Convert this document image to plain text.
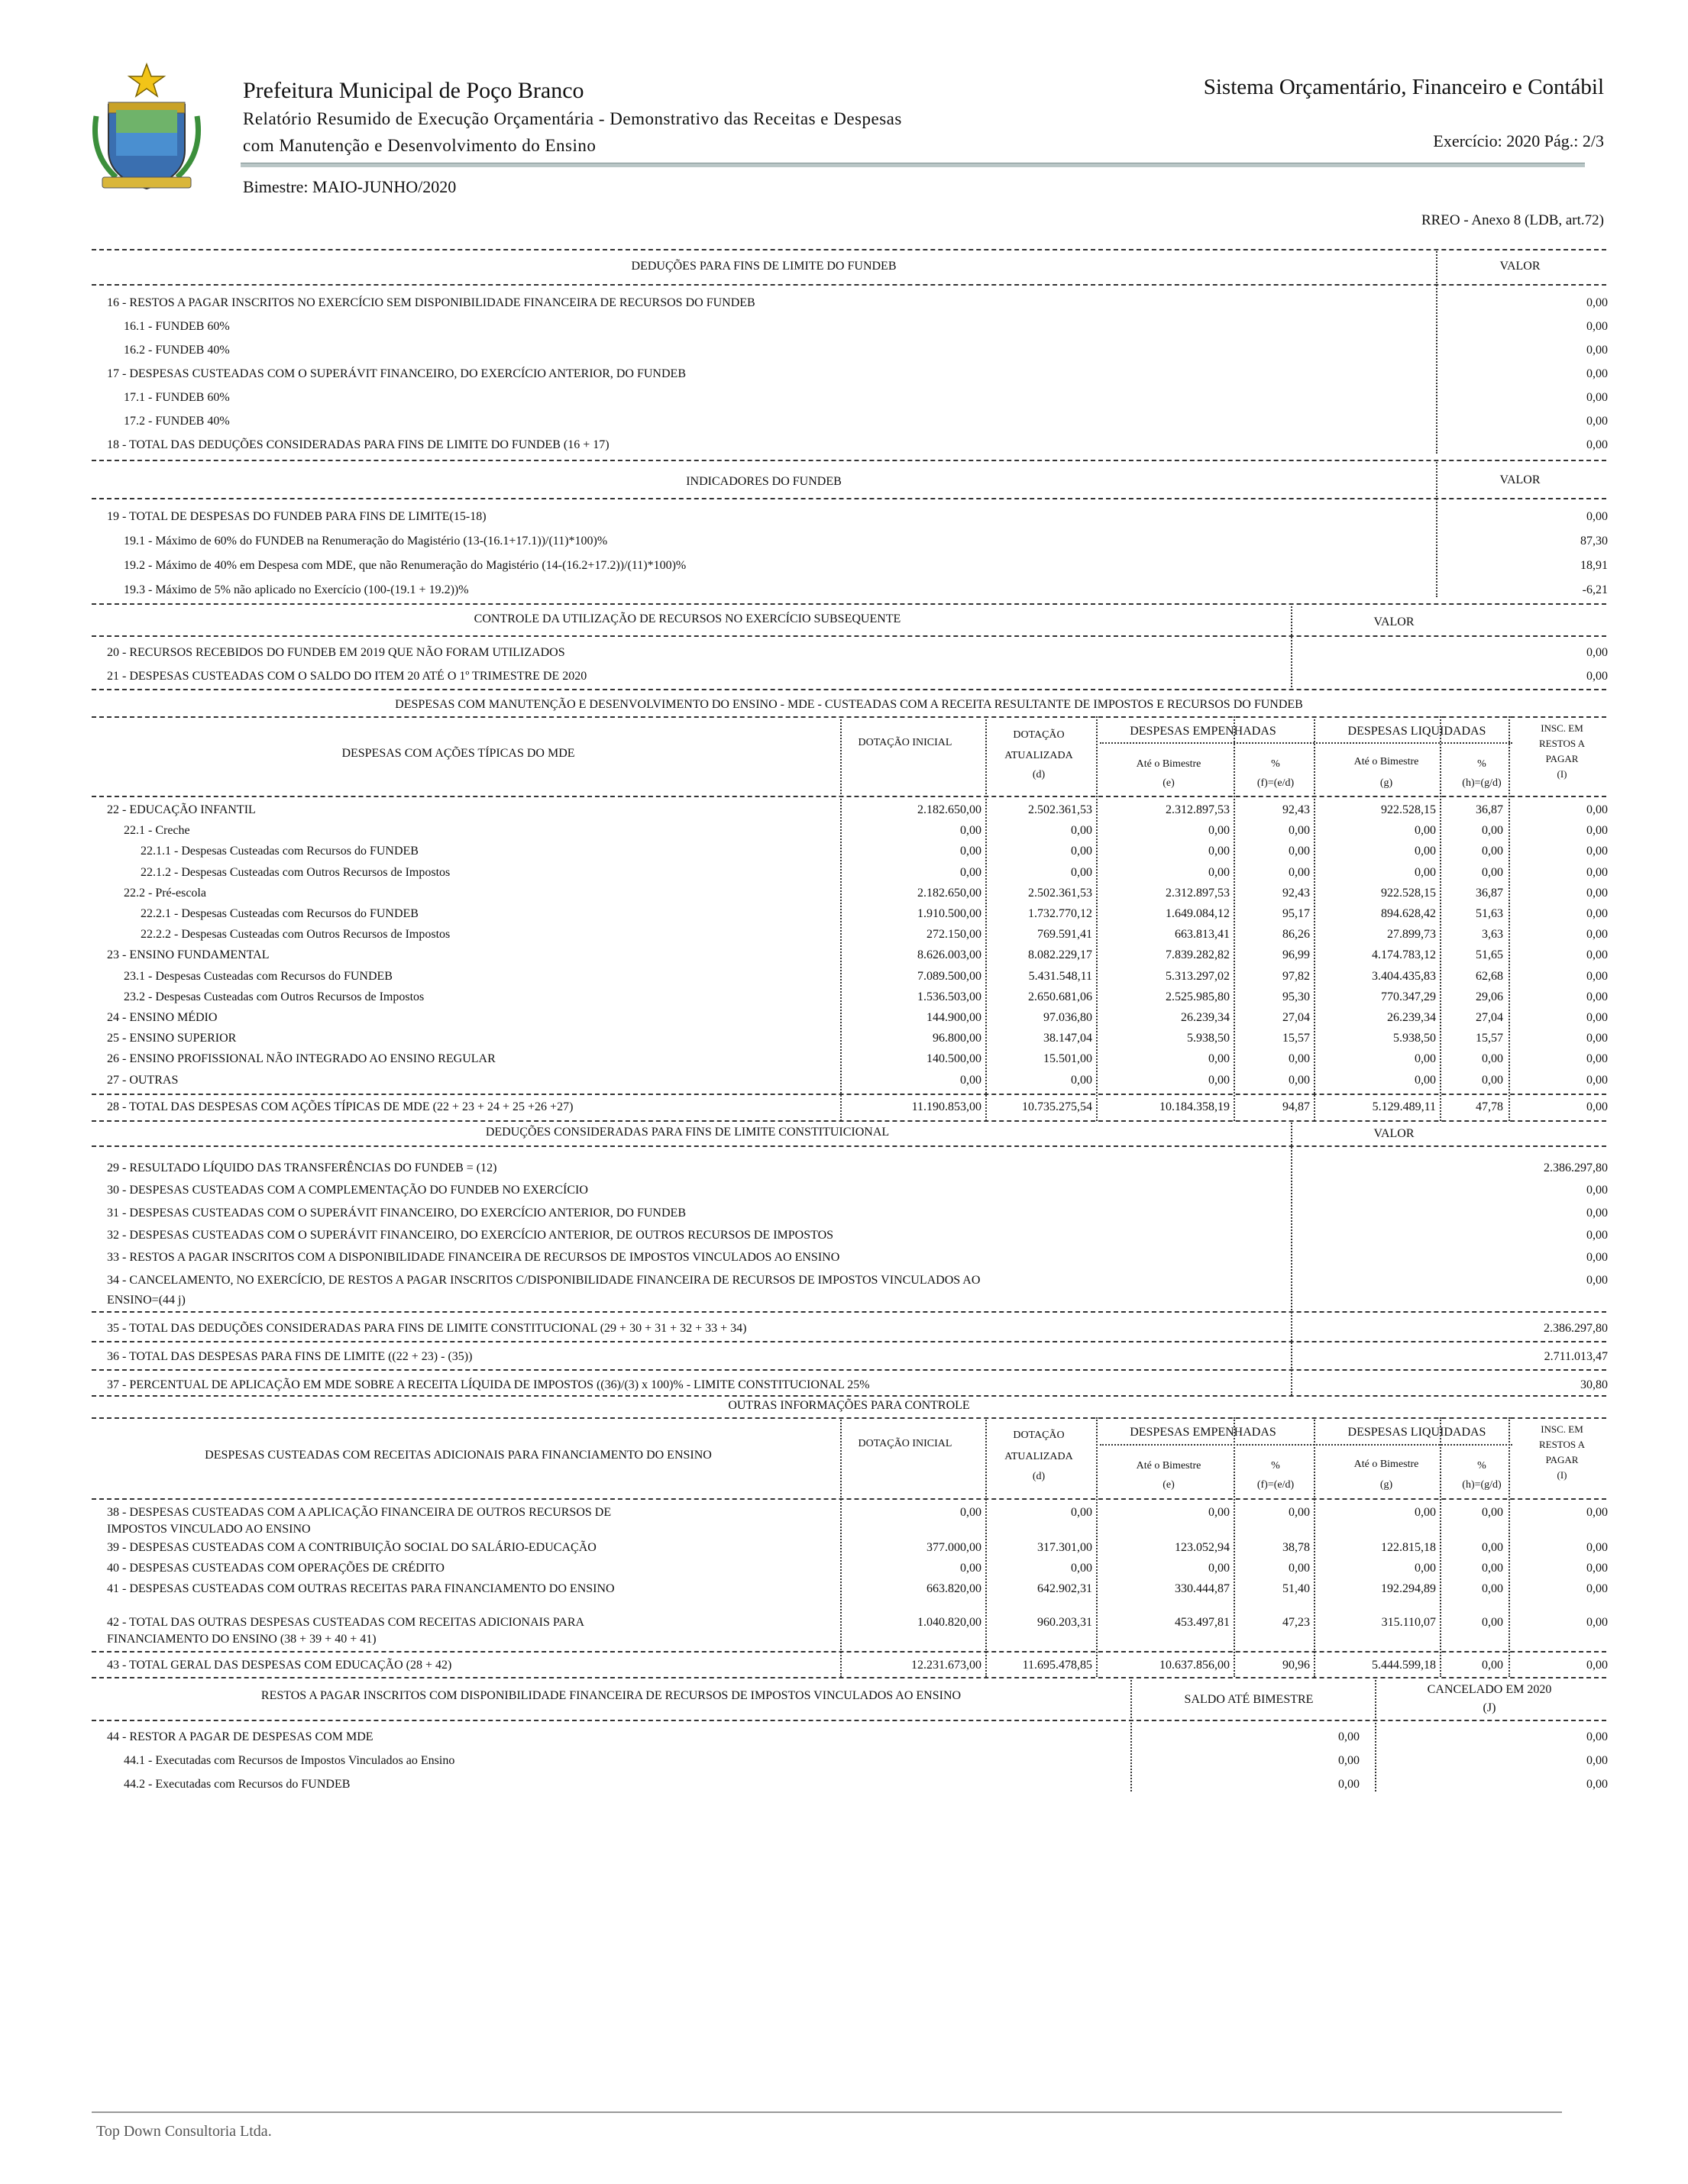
Prefeitura Municipal de Poço Branco	Sistema Orçamentário, Financeiro e Contábil
Relatório Resumido de Execução Orçamentária - Demonstrativo das Receitas e Despesas
com Manutenção e Desenvolvimento do Ensino	Exercício: 2020 Pág.: 2/3
Bimestre: MAIO-JUNHO/2020
RREO - Anexo 8 (LDB, art.72)
DEDUÇÕES PARA FINS DE LIMITE DO FUNDEB	VALOR
16 - RESTOS A PAGAR INSCRITOS NO EXERCÍCIO SEM DISPONIBILIDADE FINANCEIRA DE RECURSOS DO FUNDEB	0,00
16.1 - FUNDEB 60%	0,00
16.2 - FUNDEB 40%	0,00
17 - DESPESAS CUSTEADAS COM O SUPERÁVIT FINANCEIRO, DO EXERCÍCIO ANTERIOR, DO FUNDEB	0,00
17.1 - FUNDEB 60%	0,00
17.2 - FUNDEB 40%	0,00
18 - TOTAL DAS DEDUÇÕES CONSIDERADAS PARA FINS DE LIMITE DO FUNDEB (16 + 17)	0,00
INDICADORES DO FUNDEB	VALOR
19 - TOTAL DE DESPESAS DO FUNDEB PARA FINS DE LIMITE(15-18)	0,00
19.1 - Máximo de 60% do FUNDEB na Renumeração do Magistério (13-(16.1+17.1))/(11)*100)%	87,30
19.2 - Máximo de 40% em Despesa com MDE, que não Renumeração do Magistério (14-(16.2+17.2))/(11)*100)%	18,91
19.3 - Máximo de 5% não aplicado no Exercício (100-(19.1 + 19.2))%	-6,21
CONTROLE DA UTILIZAÇÃO DE RECURSOS NO EXERCÍCIO SUBSEQUENTE	VALOR
20 - RECURSOS RECEBIDOS DO FUNDEB EM 2019 QUE NÃO FORAM UTILIZADOS	0,00
21 - DESPESAS CUSTEADAS COM O SALDO DO ITEM 20 ATÉ O 1º TRIMESTRE DE 2020	0,00
DESPESAS COM MANUTENÇÃO E DESENVOLVIMENTO DO ENSINO - MDE - CUSTEADAS COM A RECEITA RESULTANTE DE IMPOSTOS E RECURSOS DO FUNDEB
DESPESAS COM AÇÕES TÍPICAS DO MDE
DOTAÇÃO INICIAL
DOTAÇÃO
ATUALIZADA
(d)
DESPESAS EMPENHADAS	DESPESAS LIQUIDADAS
Até o Bimestre
(e)
%
(f)=(e/d)
Até o Bimestre
(g)
%
(h)=(g/d)
INSC. EM
RESTOS A
PAGAR
(I)
22 - EDUCAÇÃO INFANTIL	2.182.650,00	2.502.361,53	2.312.897,53	92,43	922.528,15	36,87	0,00
22.1 - Creche	0,00	0,00	0,00	0,00	0,00	0,00	0,00
22.1.1 - Despesas Custeadas com Recursos do FUNDEB	0,00	0,00	0,00	0,00	0,00	0,00	0,00
22.1.2 - Despesas Custeadas com Outros Recursos de Impostos	0,00	0,00	0,00	0,00	0,00	0,00	0,00
22.2 - Pré-escola	2.182.650,00	2.502.361,53	2.312.897,53	92,43	922.528,15	36,87	0,00
22.2.1 - Despesas Custeadas com Recursos do FUNDEB	1.910.500,00	1.732.770,12	1.649.084,12	95,17	894.628,42	51,63	0,00
22.2.2 - Despesas Custeadas com Outros Recursos de Impostos	272.150,00	769.591,41	663.813,41	86,26	27.899,73	3,63	0,00
23 - ENSINO FUNDAMENTAL	8.626.003,00	8.082.229,17	7.839.282,82	96,99	4.174.783,12	51,65	0,00
23.1 - Despesas Custeadas com Recursos do FUNDEB	7.089.500,00	5.431.548,11	5.313.297,02	97,82	3.404.435,83	62,68	0,00
23.2 - Despesas Custeadas com Outros Recursos de Impostos	1.536.503,00	2.650.681,06	2.525.985,80	95,30	770.347,29	29,06	0,00
24 - ENSINO MÉDIO	144.900,00	97.036,80	26.239,34	27,04	26.239,34	27,04	0,00
25 - ENSINO SUPERIOR	96.800,00	38.147,04	5.938,50	15,57	5.938,50	15,57	0,00
26 - ENSINO PROFISSIONAL NÃO INTEGRADO AO ENSINO REGULAR	140.500,00	15.501,00	0,00	0,00	0,00	0,00	0,00
27 - OUTRAS	0,00	0,00	0,00	0,00	0,00	0,00	0,00
28 - TOTAL DAS DESPESAS COM AÇÕES TÍPICAS DE MDE (22 + 23 + 24 + 25 +26 +27)	11.190.853,00	10.735.275,54	10.184.358,19	94,87	5.129.489,11	47,78	0,00
DEDUÇÕES CONSIDERADAS PARA FINS DE LIMITE CONSTITUICIONAL	VALOR
29 - RESULTADO LÍQUIDO DAS TRANSFERÊNCIAS DO FUNDEB = (12)	2.386.297,80
30 - DESPESAS CUSTEADAS COM A COMPLEMENTAÇÃO DO FUNDEB NO EXERCÍCIO	0,00
31 - DESPESAS CUSTEADAS COM O SUPERÁVIT FINANCEIRO, DO EXERCÍCIO ANTERIOR, DO FUNDEB	0,00
32 - DESPESAS CUSTEADAS COM O SUPERÁVIT FINANCEIRO, DO EXERCÍCIO ANTERIOR, DE OUTROS RECURSOS DE IMPOSTOS	0,00
33 - RESTOS A PAGAR INSCRITOS COM A DISPONIBILIDADE FINANCEIRA DE RECURSOS DE IMPOSTOS VINCULADOS AO ENSINO	0,00
34 - CANCELAMENTO, NO EXERCÍCIO, DE RESTOS A PAGAR INSCRITOS C/DISPONIBILIDADE FINANCEIRA DE RECURSOS DE IMPOSTOS VINCULADOS AO
ENSINO=(44 j)
0,00
35 - TOTAL DAS DEDUÇÕES CONSIDERADAS PARA FINS DE LIMITE CONSTITUCIONAL (29 + 30 + 31 + 32 + 33 + 34)	2.386.297,80
36 - TOTAL DAS DESPESAS PARA FINS DE LIMITE ((22 + 23) - (35))	2.711.013,47
37 - PERCENTUAL DE APLICAÇÃO EM MDE SOBRE A RECEITA LÍQUIDA DE IMPOSTOS ((36)/(3) x 100)% - LIMITE CONSTITUCIONAL 25%	30,80
OUTRAS INFORMAÇÕES PARA CONTROLE
DESPESAS CUSTEADAS COM RECEITAS ADICIONAIS PARA FINANCIAMENTO DO ENSINO
DOTAÇÃO INICIAL
DOTAÇÃO
ATUALIZADA
(d)
DESPESAS EMPENHADAS	DESPESAS LIQUIDADAS
Até o Bimestre
(e)
%
(f)=(e/d)
Até o Bimestre
(g)
%
(h)=(g/d)
INSC. EM
RESTOS A
PAGAR
(I)
38 - DESPESAS CUSTEADAS COM A APLICAÇÃO FINANCEIRA DE OUTROS RECURSOS DE
IMPOSTOS VINCULADO AO ENSINO
0,00	0,00	0,00	0,00	0,00	0,00	0,00
39 - DESPESAS CUSTEADAS COM A CONTRIBUIÇÃO SOCIAL DO SALÁRIO-EDUCAÇÃO	377.000,00	317.301,00	123.052,94	38,78	122.815,18	0,00	0,00
40 - DESPESAS CUSTEADAS COM OPERAÇÕES DE CRÉDITO	0,00	0,00	0,00	0,00	0,00	0,00	0,00
41 - DESPESAS CUSTEADAS COM OUTRAS RECEITAS PARA FINANCIAMENTO DO ENSINO	663.820,00	642.902,31	330.444,87	51,40	192.294,89	0,00	0,00
42 - TOTAL DAS OUTRAS DESPESAS CUSTEADAS COM RECEITAS ADICIONAIS PARA
FINANCIAMENTO DO ENSINO (38 + 39 + 40 + 41)
1.040.820,00	960.203,31	453.497,81	47,23	315.110,07	0,00	0,00
43 - TOTAL GERAL DAS DESPESAS COM EDUCAÇÃO (28 + 42)	12.231.673,00	11.695.478,85	10.637.856,00	90,96	5.444.599,18	0,00	0,00
RESTOS A PAGAR INSCRITOS COM DISPONIBILIDADE FINANCEIRA DE RECURSOS DE IMPOSTOS VINCULADOS AO ENSINO	SALDO ATÉ BIMESTRE
CANCELADO EM 2020
(J)
44 - RESTOR A PAGAR DE DESPESAS COM MDE	0,00	0,00
44.1 - Executadas com Recursos de Impostos Vinculados ao Ensino	0,00	0,00
44.2 - Executadas com Recursos do FUNDEB	0,00	0,00
Top Down Consultoria Ltda.
